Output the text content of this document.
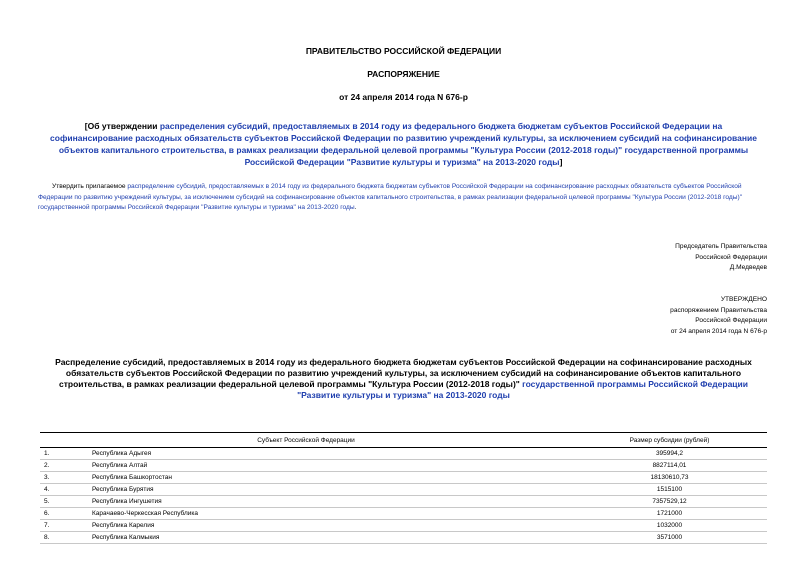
ПРАВИТЕЛЬСТВО РОССИЙСКОЙ ФЕДЕРАЦИИ
РАСПОРЯЖЕНИЕ
от 24 апреля 2014 года N 676-р
[Об утверждении распределения субсидий, предоставляемых в 2014 году из федерального бюджета бюджетам субъектов Российской Федерации на софинансирование расходных обязательств субъектов Российской Федерации по развитию учреждений культуры, за исключением субсидий на софинансирование объектов капитального строительства, в рамках реализации федеральной целевой программы "Культура России (2012-2018 годы)" государственной программы Российской Федерации "Развитие культуры и туризма" на 2013-2020 годы]
Утвердить прилагаемое распределение субсидий, предоставляемых в 2014 году из федерального бюджета бюджетам субъектов Российской Федерации на софинансирование расходных обязательств субъектов Российской Федерации по развитию учреждений культуры, за исключением субсидий на софинансирование объектов капитального строительства, в рамках реализации федеральной целевой программы "Культура России (2012-2018 годы)" государственной программы Российской Федерации "Развитие культуры и туризма" на 2013-2020 годы.
Председатель Правительства
Российской Федерации
Д.Медведев
УТВЕРЖДЕНО
распоряжением Правительства
Российской Федерации
от 24 апреля 2014 года N 676-р
Распределение субсидий, предоставляемых в 2014 году из федерального бюджета бюджетам субъектов Российской Федерации на софинансирование расходных обязательств субъектов Российской Федерации по развитию учреждений культуры, за исключением субсидий на софинансирование объектов капитального строительства, в рамках реализации федеральной целевой программы "Культура России (2012-2018 годы)" государственной программы Российской Федерации "Развитие культуры и туризма" на 2013-2020 годы
Субъект Российской Федерации		Размер субсидии (рублей)
1.	Республика Адыгея	395994,2
2.	Республика Алтай	8827114,01
3.	Республика Башкортостан	18130610,73
4.	Республика Бурятия	1515100
5.	Республика Ингушетия	7357529,12
6.	Карачаево-Черкесская Республика	1721000
7.	Республика Карелия	1032000
8.	Республика Калмыкия	3571000
